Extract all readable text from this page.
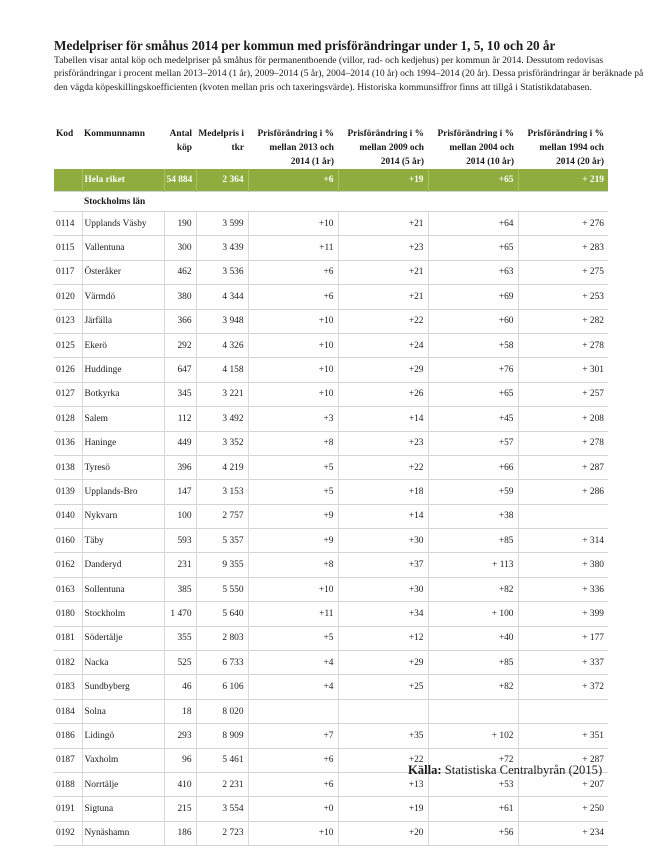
Medelpriser för småhus 2014 per kommun med prisförändringar under 1, 5, 10 och 20 år
Tabellen visar antal köp och medelpriser på småhus för permanentboende (villor, rad- och kedjehus) per kommun år 2014. Dessutom redovisas prisförändringar i procent mellan 2013–2014 (1 år), 2009–2014 (5 år), 2004–2014 (10 år) och 1994–2014 (20 år). Dessa prisförändringar är beräknade på den vägda köpeskillingskoefficienten (kvoten mellan pris och taxeringsvärde). Historiska kommunsiffror finns att tillgå i Statistikdatabasen.
Kod	Kommunnamn	Antal köp	Medelpris i tkr	Prisförändring i % mellan 2013 och 2014 (1 år)	Prisförändring i % mellan 2009 och 2014 (5 år)	Prisförändring i % mellan 2004 och 2014 (10 år)	Prisförändring i % mellan 1994 och 2014 (20 år)
	Hela riket	54 884	2 364	+6	+19	+65	+ 219
	Stockholms län						
0114	Upplands Väsby	190	3 599	+10	+21	+64	+ 276
0115	Vallentuna	300	3 439	+11	+23	+65	+ 283
0117	Österåker	462	3 536	+6	+21	+63	+ 275
0120	Värmdö	380	4 344	+6	+21	+69	+ 253
0123	Järfälla	366	3 948	+10	+22	+60	+ 282
0125	Ekerö	292	4 326	+10	+24	+58	+ 278
0126	Huddinge	647	4 158	+10	+29	+76	+ 301
0127	Botkyrka	345	3 221	+10	+26	+65	+ 257
0128	Salem	112	3 492	+3	+14	+45	+ 208
0136	Haninge	449	3 352	+8	+23	+57	+ 278
0138	Tyresö	396	4 219	+5	+22	+66	+ 287
0139	Upplands-Bro	147	3 153	+5	+18	+59	+ 286
0140	Nykvarn	100	2 757	+9	+14	+38	
0160	Täby	593	5 357	+9	+30	+85	+ 314
0162	Danderyd	231	9 355	+8	+37	+ 113	+ 380
0163	Sollentuna	385	5 550	+10	+30	+82	+ 336
0180	Stockholm	1 470	5 640	+11	+34	+ 100	+ 399
0181	Södertälje	355	2 803	+5	+12	+40	+ 177
0182	Nacka	525	6 733	+4	+29	+85	+ 337
0183	Sundbyberg	46	6 106	+4	+25	+82	+ 372
0184	Solna	18	8 020				
0186	Lidingö	293	8 909	+7	+35	+ 102	+ 351
0187	Vaxholm	96	5 461	+6	+22	+72	+ 287
0188	Norrtälje	410	2 231	+6	+13	+53	+ 207
0191	Sigtuna	215	3 554	+0	+19	+61	+ 250
0192	Nynäshamn	186	2 723	+10	+20	+56	+ 234
Källa: Statistiska Centralbyrån (2015)
